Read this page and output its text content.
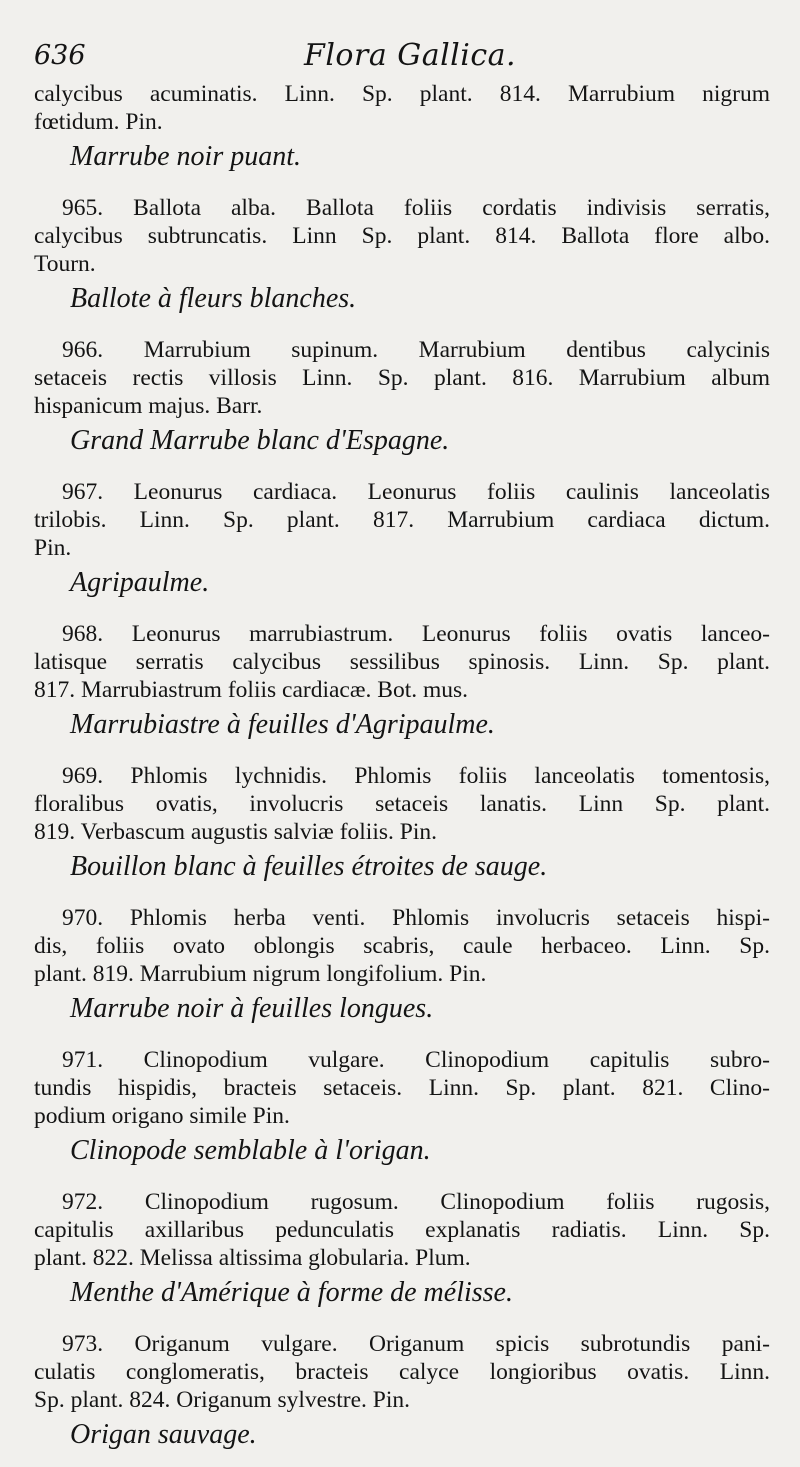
636	Flora Gallica.

calycibus acuminatis. Linn. Sp. plant. 814. Marrubium nigrum

fœtidum. Pin.

Marrube noir puant.

965. Ballota alba. Ballota foliis cordatis indivisis serratis,

calycibus subtruncatis. Linn Sp. plant. 814. Ballota flore albo.

Tourn.

Ballote à fleurs blanches.

966. Marrubium supinum. Marrubium dentibus calycinis

setaceis rectis villosis Linn. Sp. plant. 816. Marrubium album

hispanicum majus. Barr.

Grand Marrube blanc d'Espagne.

967. Leonurus cardiaca. Leonurus foliis caulinis lanceolatis

trilobis. Linn. Sp. plant. 817. Marrubium cardiaca dictum.

Pin.

Agripaulme.

968. Leonurus marrubiastrum. Leonurus foliis ovatis lanceo-

latisque serratis calycibus sessilibus spinosis. Linn. Sp. plant.

817. Marrubiastrum foliis cardiacæ. Bot. mus.

Marrubiastre à feuilles d'Agripaulme.

969. Phlomis lychnidis. Phlomis foliis lanceolatis tomentosis,

floralibus ovatis, involucris setaceis lanatis. Linn Sp. plant.

819. Verbascum augustis salviæ foliis. Pin.

Bouillon blanc à feuilles étroites de sauge.

970. Phlomis herba venti. Phlomis involucris setaceis hispi-

dis, foliis ovato oblongis scabris, caule herbaceo. Linn. Sp.

plant. 819. Marrubium nigrum longifolium. Pin.

Marrube noir à feuilles longues.

971. Clinopodium vulgare. Clinopodium capitulis subro-

tundis hispidis, bracteis setaceis. Linn. Sp. plant. 821. Clino-

podium origano simile Pin.

Clinopode semblable à l'origan.

972. Clinopodium rugosum. Clinopodium foliis rugosis,

capitulis axillaribus pedunculatis explanatis radiatis. Linn. Sp.

plant. 822. Melissa altissima globularia. Plum.

Menthe d'Amérique à forme de mélisse.

973. Origanum vulgare. Origanum spicis subrotundis pani-

culatis conglomeratis, bracteis calyce longioribus ovatis. Linn.

Sp. plant. 824. Origanum sylvestre. Pin.

Origan sauvage.
